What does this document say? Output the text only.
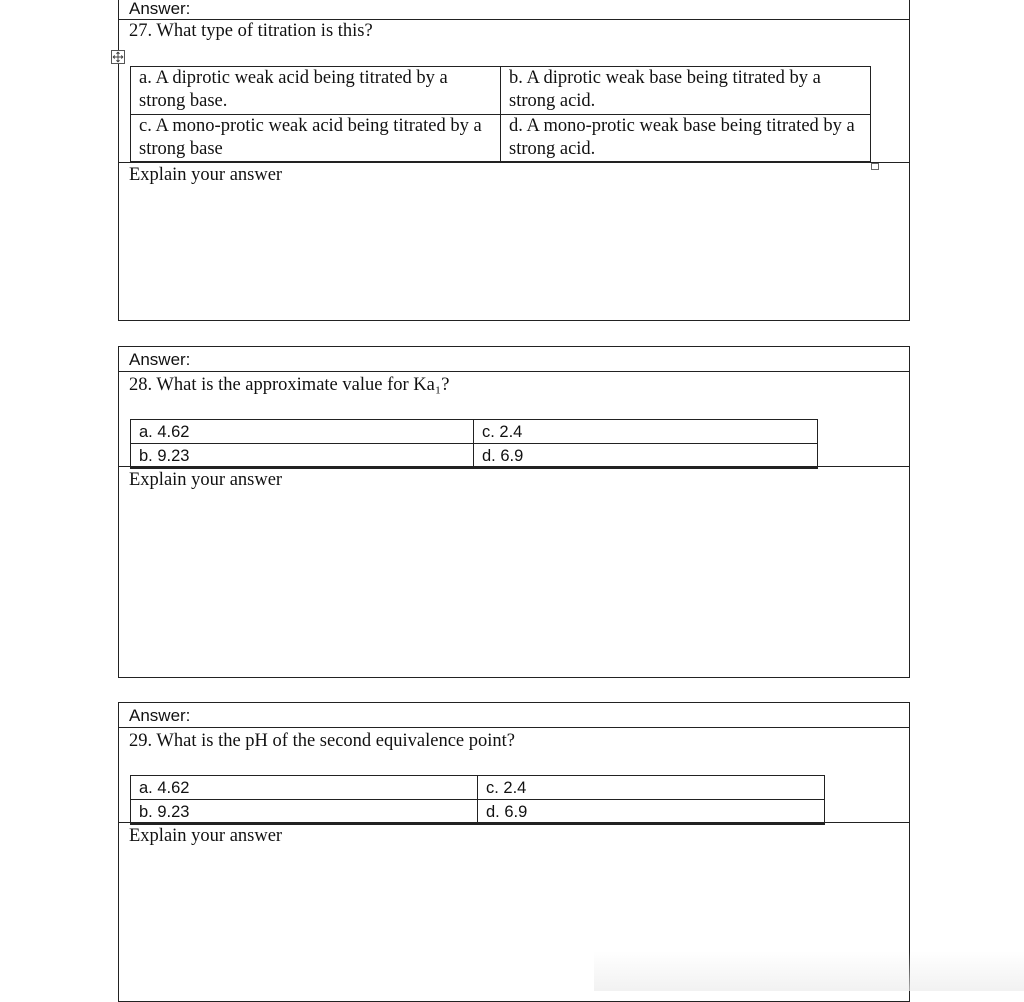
Answer:
27. What type of titration is this?
a. A diprotic weak acid being titrated by a strong base.	b. A diprotic weak base being titrated by a strong acid.
c. A mono-protic weak acid being titrated by a strong base	d. A mono-protic weak base being titrated by a strong acid.
Explain your answer
Answer:
28. What is the approximate value for Ka₁?
a. 4.62	c. 2.4
b. 9.23	d. 6.9
Explain your answer
Answer:
29. What is the pH of the second equivalence point?
a. 4.62	c. 2.4
b. 9.23	d. 6.9
Explain your answer
